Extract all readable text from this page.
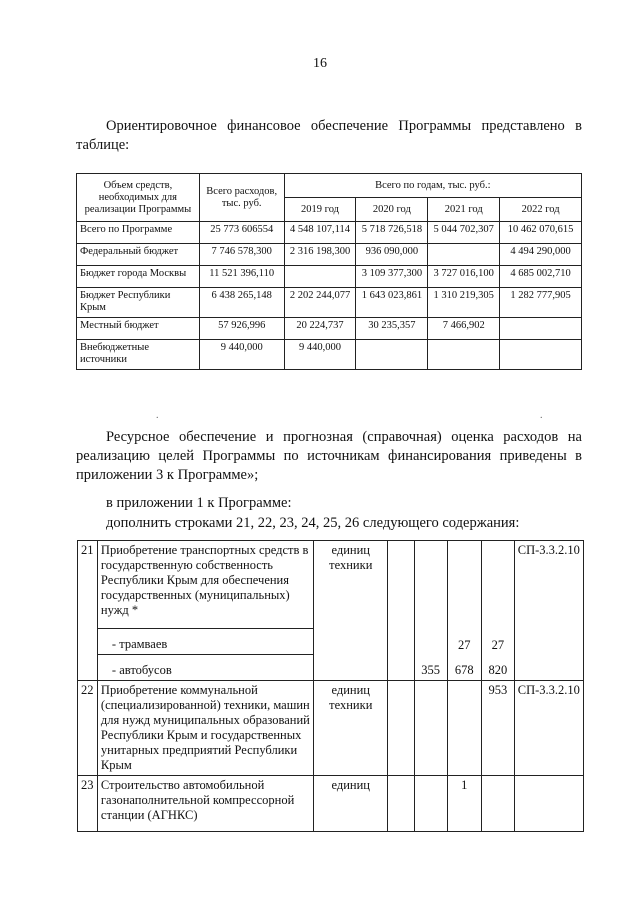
16
Ориентировочное финансовое обеспечение Программы представлено в таблице:
Объем средств, необходимых для реализации Программы	Всего расходов, тыс. руб.	Всего по годам, тыс. руб.:			
		2019 год	2020 год	2021 год	2022 год
Всего по Программе	25 773 606554	4 548 107,114	5 718 726,518	5 044 702,307	10 462 070,615
Федеральный бюджет	7 746 578,300	2 316 198,300	936 090,000		4 494 290,000
Бюджет города Москвы	11 521 396,110		3 109 377,300	3 727 016,100	4 685 002,710
Бюджет Республики Крым	6 438 265,148	2 202 244,077	1 643 023,861	1 310 219,305	1 282 777,905
Местный бюджет	57 926,996	20 224,737	30 235,357	7 466,902	
Внебюджетные источники	9 440,000	9 440,000			
.	.
Ресурсное обеспечение и прогнозная (справочная) оценка расходов на реализацию целей Программы по источникам финансирования приведены в приложении 3 к Программе»;
в приложении 1 к Программе:
дополнить строками 21, 22, 23, 24, 25, 26 следующего содержания:
21	Приобретение транспортных средств в государственную собственность Республики Крым для обеспечения государственных (муниципальных) нужд *	единиц техники					СП-3.3.2.10
	- трамваев				27	27	
	- автобусов			355	678	820	
22	Приобретение коммунальной (специализированной) техники, машин для нужд муниципальных образований Республики Крым и государственных унитарных предприятий Республики Крым	единиц техники				953	СП-3.3.2.10
23	Строительство автомобильной газонаполнительной компрессорной станции (АГНКС)	единиц			1		
